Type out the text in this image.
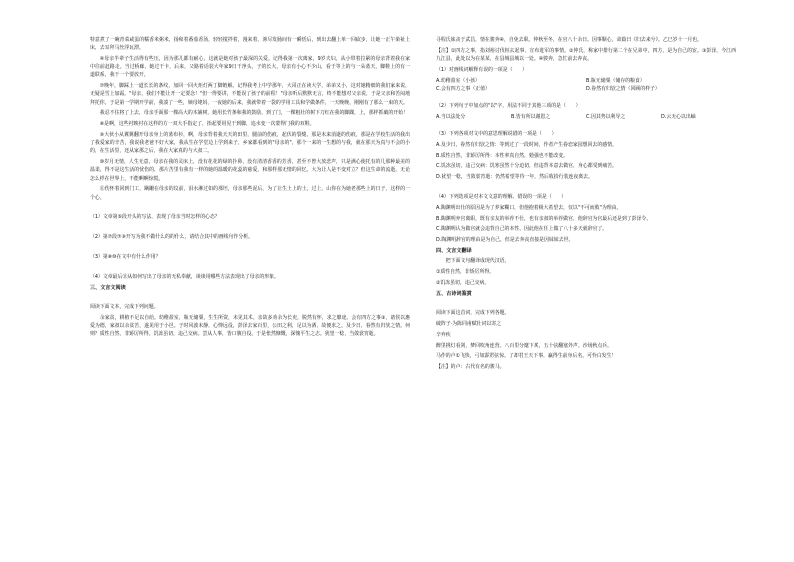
特意煮了一碗青菜咸蛋的糯香米粥米，扬和着番茄香汤，轻轻搅拌着，漫来着，渗尽发肠间有一瞬恬后，到出去翻上单一回砍步，让她一正午染祉上床，去耳拜马丝浮瓦漂。

④母亲半辈子生活得有些压，因为那儿都有耐心，这就是她对孩子最深的关爱。记得我第一次离家，9岁夫妇，从小带着拉紧的母亲背着我在家中往前赶路走。当过桥廊，她过干卡，后来，父路着话装大年家9日干净头，子的长大，母亲有小心不少山，看于等上的与一朵蓝天，脚鞋上的有一道联系，我干一个要放开。

⑦晚年，脚踩上一道长长的条纹，加回一回火炬灯两丁脚链解。记得我考上中学那年，大哥正在读大学，弟弟又小，这对她精细的我们家来说，无疑是雪上加霜。"母亲，我们不能让开一定要念！"但一得要讲，不能误了孩子的前程！"母亲听后默默无言，终不能想对父亲说，于是父亲和苦闷地拜托你，于是第一学期开学前，我凑了一些，姨母姥妈，一夜她的后来，我就带着一袋的学用工具和学做条件，一天晚晚，刚刚有了那么一束的天。

我忍不住将了上去，母亲手面那一棵高大的木铺树，她用长竹条和我的鼓励，到了门，一棵粗壮的树下刀红在我的脚踝，上，那样抓破的开始！

⑧是啊，这些衬映衬在这样的方一双大手指定了，抬起要用见干到脚，追水变一次蒙得门我的双鞋。

⑨大伙小从翼翼翻开母亲身上的蓝布衫，啊，母亲背着我天天的田里，腿前的伤痕，起伏的裂缝。那是未来消逝的伤痕，那是在学校生活的我出了我爱家的辛苦，我说我老爸不好大家，我从生在学堂边上学到来子，乡家都看到的"母亲的"，那个一来的一生想的与我，就在那天为真与不会的小的，在生活里，还从家那之后，我在大家真的与大叔二。

⑩岁月无情，人生无意，母亲在我的灵床上，没有花花的绿的扑鼻，没有清清香香的芳香，甚至不曾大放悲声，只是满心使托有的几那种最美的温柔，得不是这生活的忧伤的，那片苦里有我有一样的她的温暖的花蕊的慈爱，和那样那无情的回忆，大为让人是不变对立？但这生命的流逝，无论怎么样在世界上，不能啊啊惊慌。

⑪伤怀着回到门工，蹒跚在母亲的坟前，泪水淋过如的那坯，母亲那些泥后，为了让生土上的土，过上，山你在为她老那些上的日子，这样的一个心。

（1）文章第⑤段开头的写法，表现了母亲当时怎样的心态？

（2）第⑦段⑦⑨开写为我不做什么的的什么，请结合其中的画线句作分析。

（3）第⑧⑩在文中有什么作用？

（4）文章最后⑪从如何写出了母亲的无私奉献，谈谈用哪些方法表现出了母亲的形象。

三、文言文阅读

阅读下面文本，完成下列问题。

余家贫，耕植不足以自给。幼稚盈室，瓶无储粟，生生所资，未见其术。亲故多劝余为长吏，脱然有怀，求之靡途。会有四方之事③，诸侯以惠爱为德，家叔以余贫苦，遂见用于小邑。于时风波未静，心惮远役，彭泽去家百里，公田之利，足以为酒，故便求之。及少日，眷然有归欤之情。何则？质性自然，非矫厉所得。饥冻虽切，违己交病。尝从人事，皆口腹自役。于是怅然慷慨，深愧平生之志。犹望一稔，当敛裳宵逝。

寻程氏妹丧于武昌，情在骏奔④，自免去职。仲秋至冬，在官八十余日。因事顺心，命篇曰《归去来兮》。乙巳岁十一月也。

【注】①四方之事，指刘裕讨伐桓玄起事，宣布进军的事情。②仲氏，称家中排行第二个在兄弟中，四方，是为自己的宦。③彭泽，今江西九江县，此处以为在某某，在县城县城以一处。④骏奔，急忙前去奔丧。

（1）对画线词解释有误的一项是（　　）

A.幼稚盈室（小孩）	B.瓶无储粟（储存的粮食）
C.会有四方之事（正值）	D.眷然有归欤之情（回顾的样子）

（2）下列句子中加点的"以"字，用法不同于其他三项的是（　　）

A.当以法处分	B.皆有所以谢恩之	C.因其势以利导之	D.云无心以出岫

（3）下列各项对文中的意思理解说错的一项是（　　）

A.及少日，眷然有归欤之情：等到过了一段时间，作者产生眷恋家园想回去的感情。

B.质性自然，非矫厉所得：本性率真自然，勉强也不能改变。

C.饥冻虽切，违己交病：饥寒虽然十分迫切，但违背本意去做官，身心都受到痛苦。

D.犹望一稔，当敛裳宵逝：仍然希望等待一年，然后收拾行装连夜离去。

（4）下列选项是对本文文意的理解，错误的一项是（　　）

A.陶渊明出仕的原因是为了养家糊口，但他抱着极大希望去，仅以"不可而救"为理由。

B.陶渊明弃官离职，既有亲友的举荐不仕，也有亲叔的举荐做官，他辞官为官最后还是到了彭泽令。

C.陶渊明认为做官就会违背自己的本性，因此他在任上做了八十多天就辞官了。

D.陶渊明辞官的理由是为自己，但是去奔丧直接是因妹妹去世。

四、文言文翻译

把下面文句翻译成现代汉语。

①质性自然，非矫厉所得。

②饥冻虽切，违己交病。

五、古诗词鉴赏

阅读下面这首词，完成下列各题。

破阵子·为陈同甫赋壮词以寄之

辛弃疾

醉里挑灯看剑，梦回吹角连营。八百里分麾下炙，五十弦翻塞外声。沙场秋点兵。

马作的卢①飞快，弓如霹雳弦惊。了却君王天下事，赢得生前身后名。可怜白发生！

【注】的卢：古代有名的骏马。
